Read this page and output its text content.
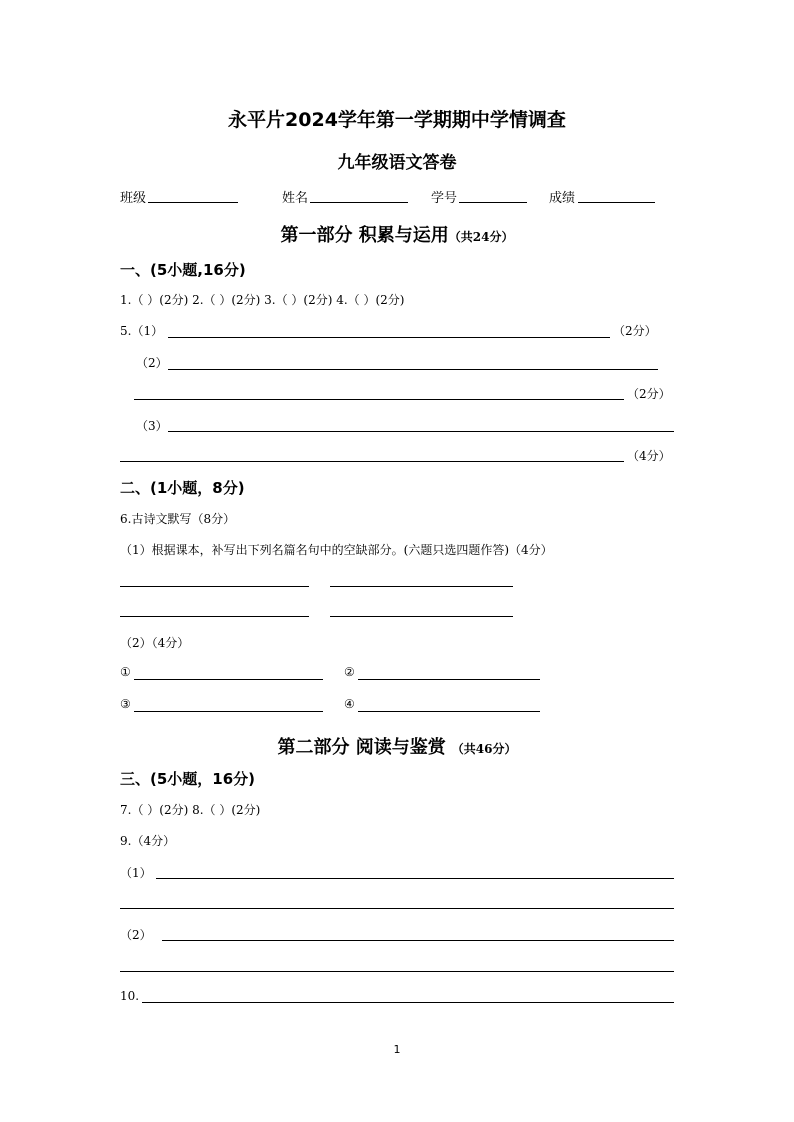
永平片2024学年第一学期期中学情调查
九年级语文答卷
班级	姓名	学号	成绩
第一部分 积累与运用（共24分）
一、(5小题,16分)
1.（ ）(2分) 2.（ ）(2分) 3.（ ）(2分) 4.（ ）(2分)
5.（1）	（2分）
（2）
（2分）
（3）
（4分）
二、(1小题，8分)
6.古诗文默写（8分）
（1）根据课本，补写出下列名篇名句中的空缺部分。(六题只选四题作答)（4分）
（2）（4分）
①	②
③	④
第二部分 阅读与鉴赏 （共46分）
三、(5小题，16分)
7.（ ）(2分) 8.（ ）(2分)
9.（4分）
（1）
（2）
10.
1
